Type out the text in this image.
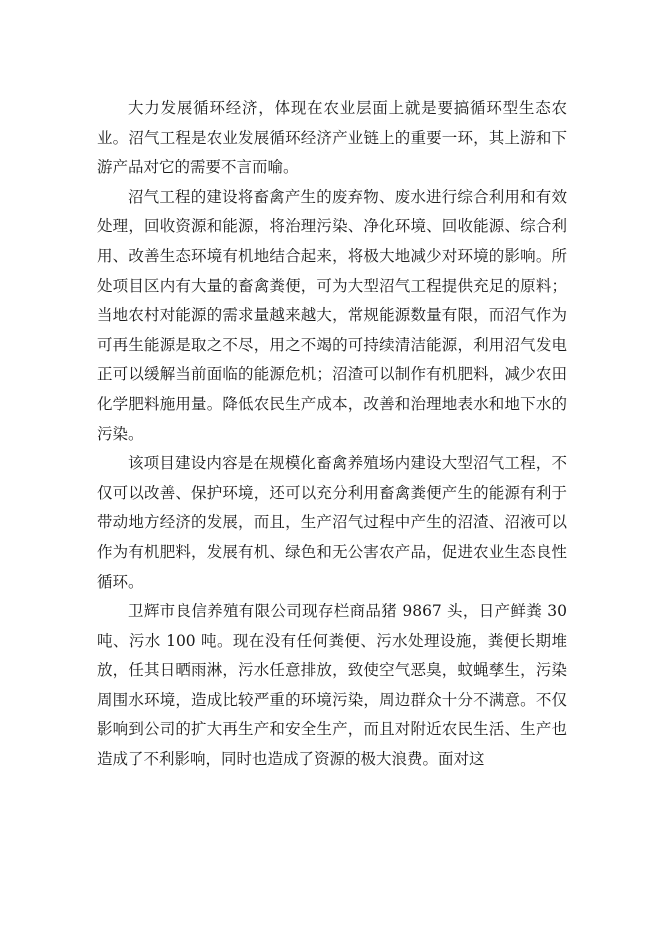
大力发展循环经济，体现在农业层面上就是要搞循环型生态农业。沼气工程是农业发展循环经济产业链上的重要一环，其上游和下游产品对它的需要不言而喻。

沼气工程的建设将畜禽产生的废弃物、废水进行综合利用和有效处理，回收资源和能源，将治理污染、净化环境、回收能源、综合利用、改善生态环境有机地结合起来，将极大地减少对环境的影响。所处项目区内有大量的畜禽粪便，可为大型沼气工程提供充足的原料；当地农村对能源的需求量越来越大，常规能源数量有限，而沼气作为可再生能源是取之不尽，用之不竭的可持续清洁能源，利用沼气发电正可以缓解当前面临的能源危机；沼渣可以制作有机肥料，减少农田化学肥料施用量。降低农民生产成本，改善和治理地表水和地下水的污染。

该项目建设内容是在规模化畜禽养殖场内建设大型沼气工程，不仅可以改善、保护环境，还可以充分利用畜禽粪便产生的能源有利于带动地方经济的发展，而且，生产沼气过程中产生的沼渣、沼液可以作为有机肥料，发展有机、绿色和无公害农产品，促进农业生态良性循环。

卫辉市良信养殖有限公司现存栏商品猪 9867 头，日产鲜粪 30 吨、污水 100 吨。现在没有任何粪便、污水处理设施，粪便长期堆放，任其日晒雨淋，污水任意排放，致使空气恶臭，蚊蝇孳生，污染周围水环境，造成比较严重的环境污染，周边群众十分不满意。不仅影响到公司的扩大再生产和安全生产，而且对附近农民生活、生产也造成了不利影响，同时也造成了资源的极大浪费。面对这
